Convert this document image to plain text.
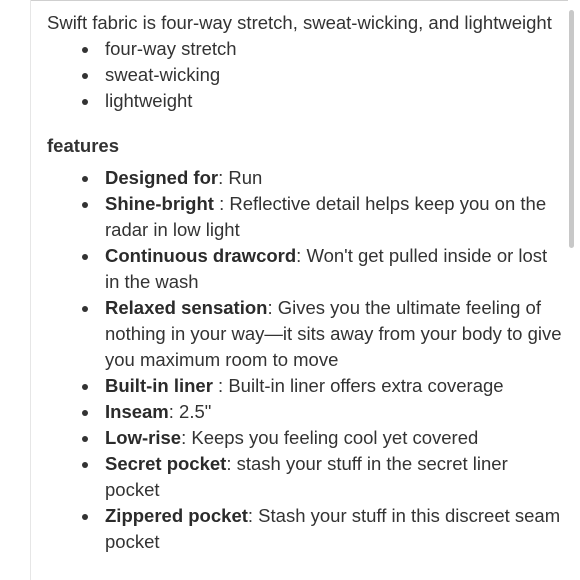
Swift fabric is four-way stretch, sweat-wicking, and lightweight

four-way stretch
sweat-wicking
lightweight
features
Designed for: Run
Shine-bright : Reflective detail helps keep you on the radar in low light
Continuous drawcord: Won't get pulled inside or lost in the wash
Relaxed sensation: Gives you the ultimate feeling of nothing in your way—it sits away from your body to give you maximum room to move
Built-in liner : Built-in liner offers extra coverage
Inseam: 2.5"
Low-rise: Keeps you feeling cool yet covered
Secret pocket: stash your stuff in the secret liner pocket
Zippered pocket: Stash your stuff in this discreet seam pocket
